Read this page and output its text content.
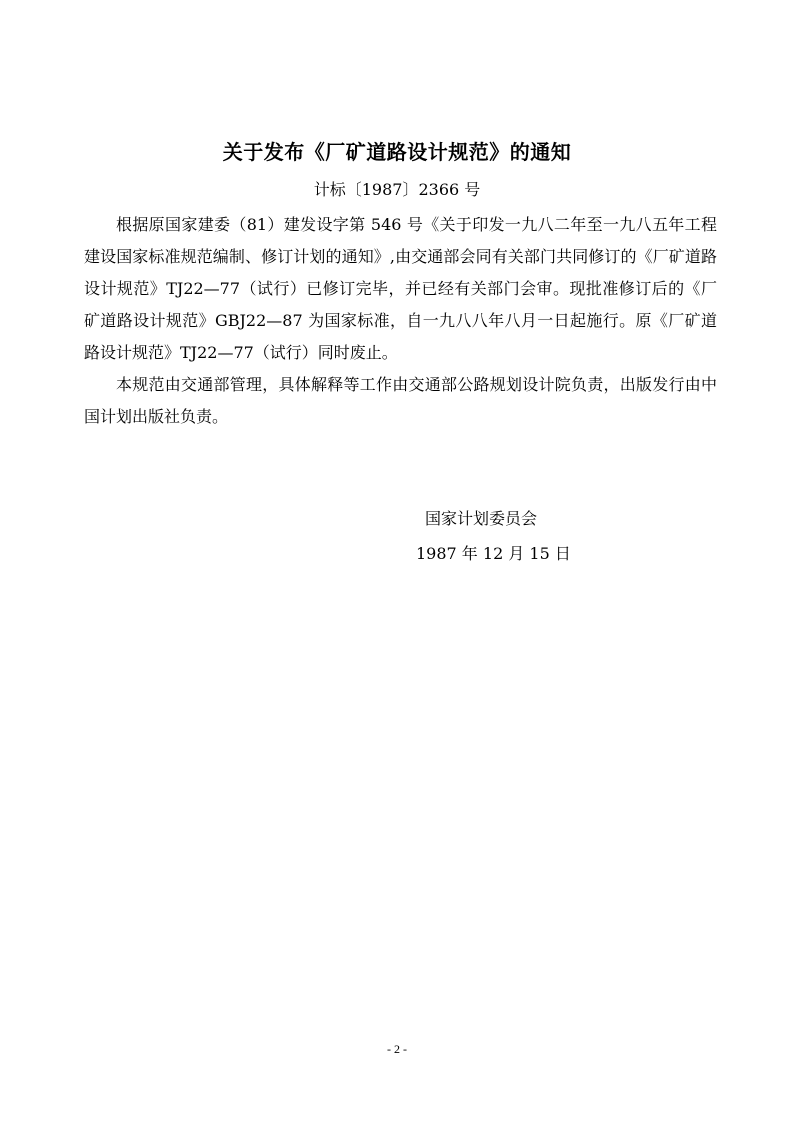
关于发布《厂矿道路设计规范》的通知
计标〔1987〕2366 号

根据原国家建委（81）建发设字第 546 号《关于印发一九八二年至一九八五年工程建设国家标准规范编制、修订计划的通知》,由交通部会同有关部门共同修订的《厂矿道路设计规范》TJ22—77（试行）已修订完毕，并已经有关部门会审。现批准修订后的《厂矿道路设计规范》GBJ22—87 为国家标准，自一九八八年八月一日起施行。原《厂矿道路设计规范》TJ22—77（试行）同时废止。

本规范由交通部管理，具体解释等工作由交通部公路规划设计院负责，出版发行由中国计划出版社负责。

国家计划委员会
1987 年 12 月 15 日
- 2 -
